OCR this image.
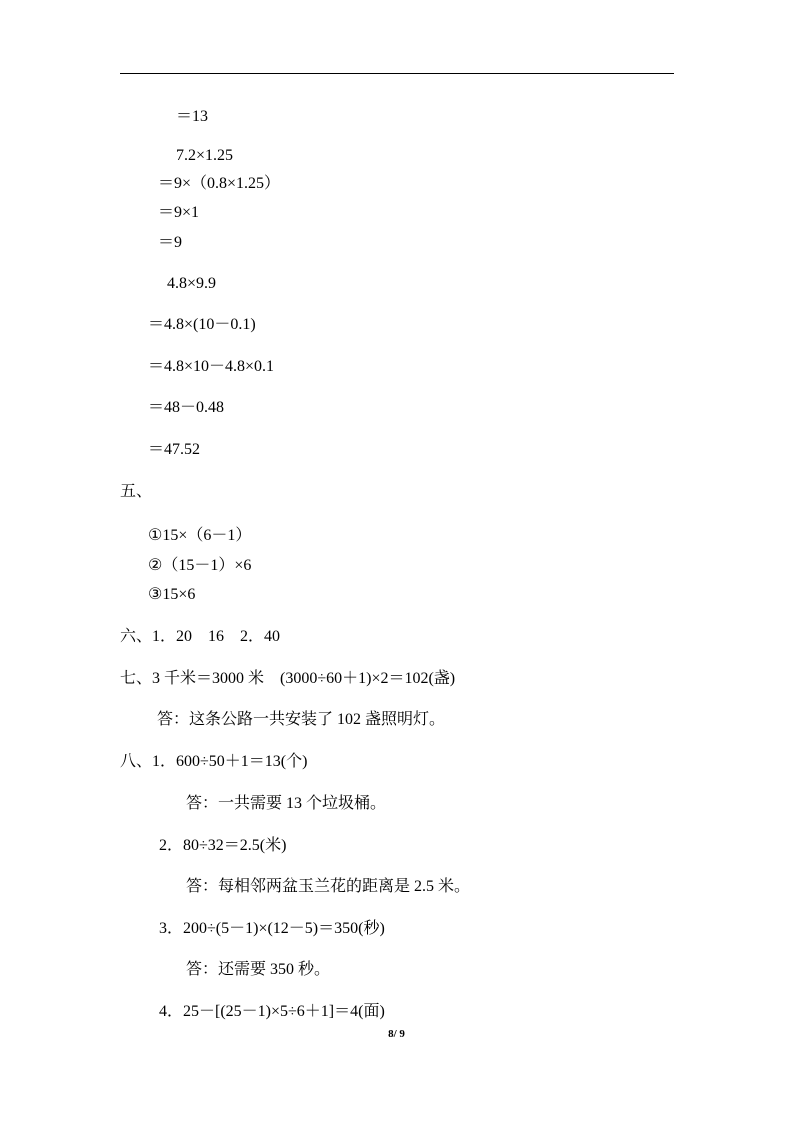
＝13
7.2×1.25
＝9×（0.8×1.25）
＝9×1
＝9
4.8×9.9
＝4.8×(10－0.1)
＝4.8×10－4.8×0.1
＝48－0.48
＝47.52
五、
①15×（6－1）
②（15－1）×6
③15×6
六、1．20　16　2．40
七、3 千米＝3000 米　(3000÷60＋1)×2＝102(盏)
答：这条公路一共安装了 102 盏照明灯。
八、1．600÷50＋1＝13(个)
答：一共需要 13 个垃圾桶。
2．80÷32＝2.5(米)
答：每相邻两盆玉兰花的距离是 2.5 米。
3．200÷(5－1)×(12－5)＝350(秒)
答：还需要 350 秒。
4．25－[(25－1)×5÷6＋1]＝4(面)
8/ 9
